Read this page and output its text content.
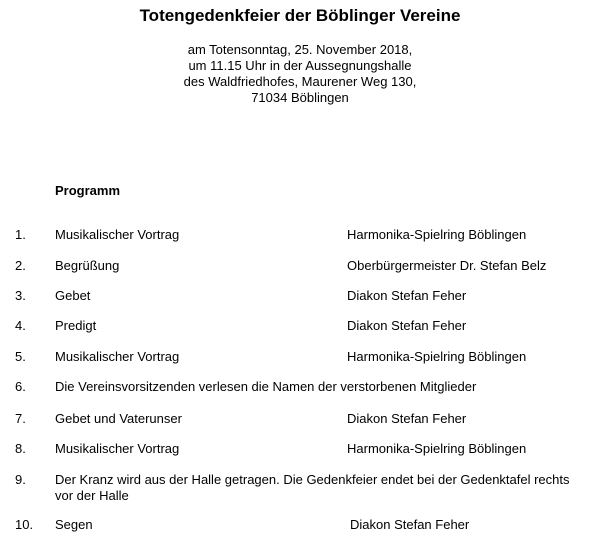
Totengedenkfeier der Böblinger Vereine
am Totensonntag, 25. November 2018,
um 11.15 Uhr in der Aussegnungshalle
des Waldfriedhofes, Maurener Weg 130,
71034 Böblingen
Programm
1. Musikalischer Vortrag	Harmonika-Spielring Böblingen
2. Begrüßung	Oberbürgermeister Dr. Stefan Belz
3. Gebet	Diakon Stefan Feher
4. Predigt	Diakon Stefan Feher
5. Musikalischer Vortrag	Harmonika-Spielring Böblingen
6. Die Vereinsvorsitzenden verlesen die Namen der verstorbenen Mitglieder
7. Gebet und Vaterunser	Diakon Stefan Feher
8. Musikalischer Vortrag	Harmonika-Spielring Böblingen
9. Der Kranz wird aus der Halle getragen. Die Gedenkfeier endet bei der Gedenktafel rechts vor der Halle
10. Segen	Diakon Stefan Feher
